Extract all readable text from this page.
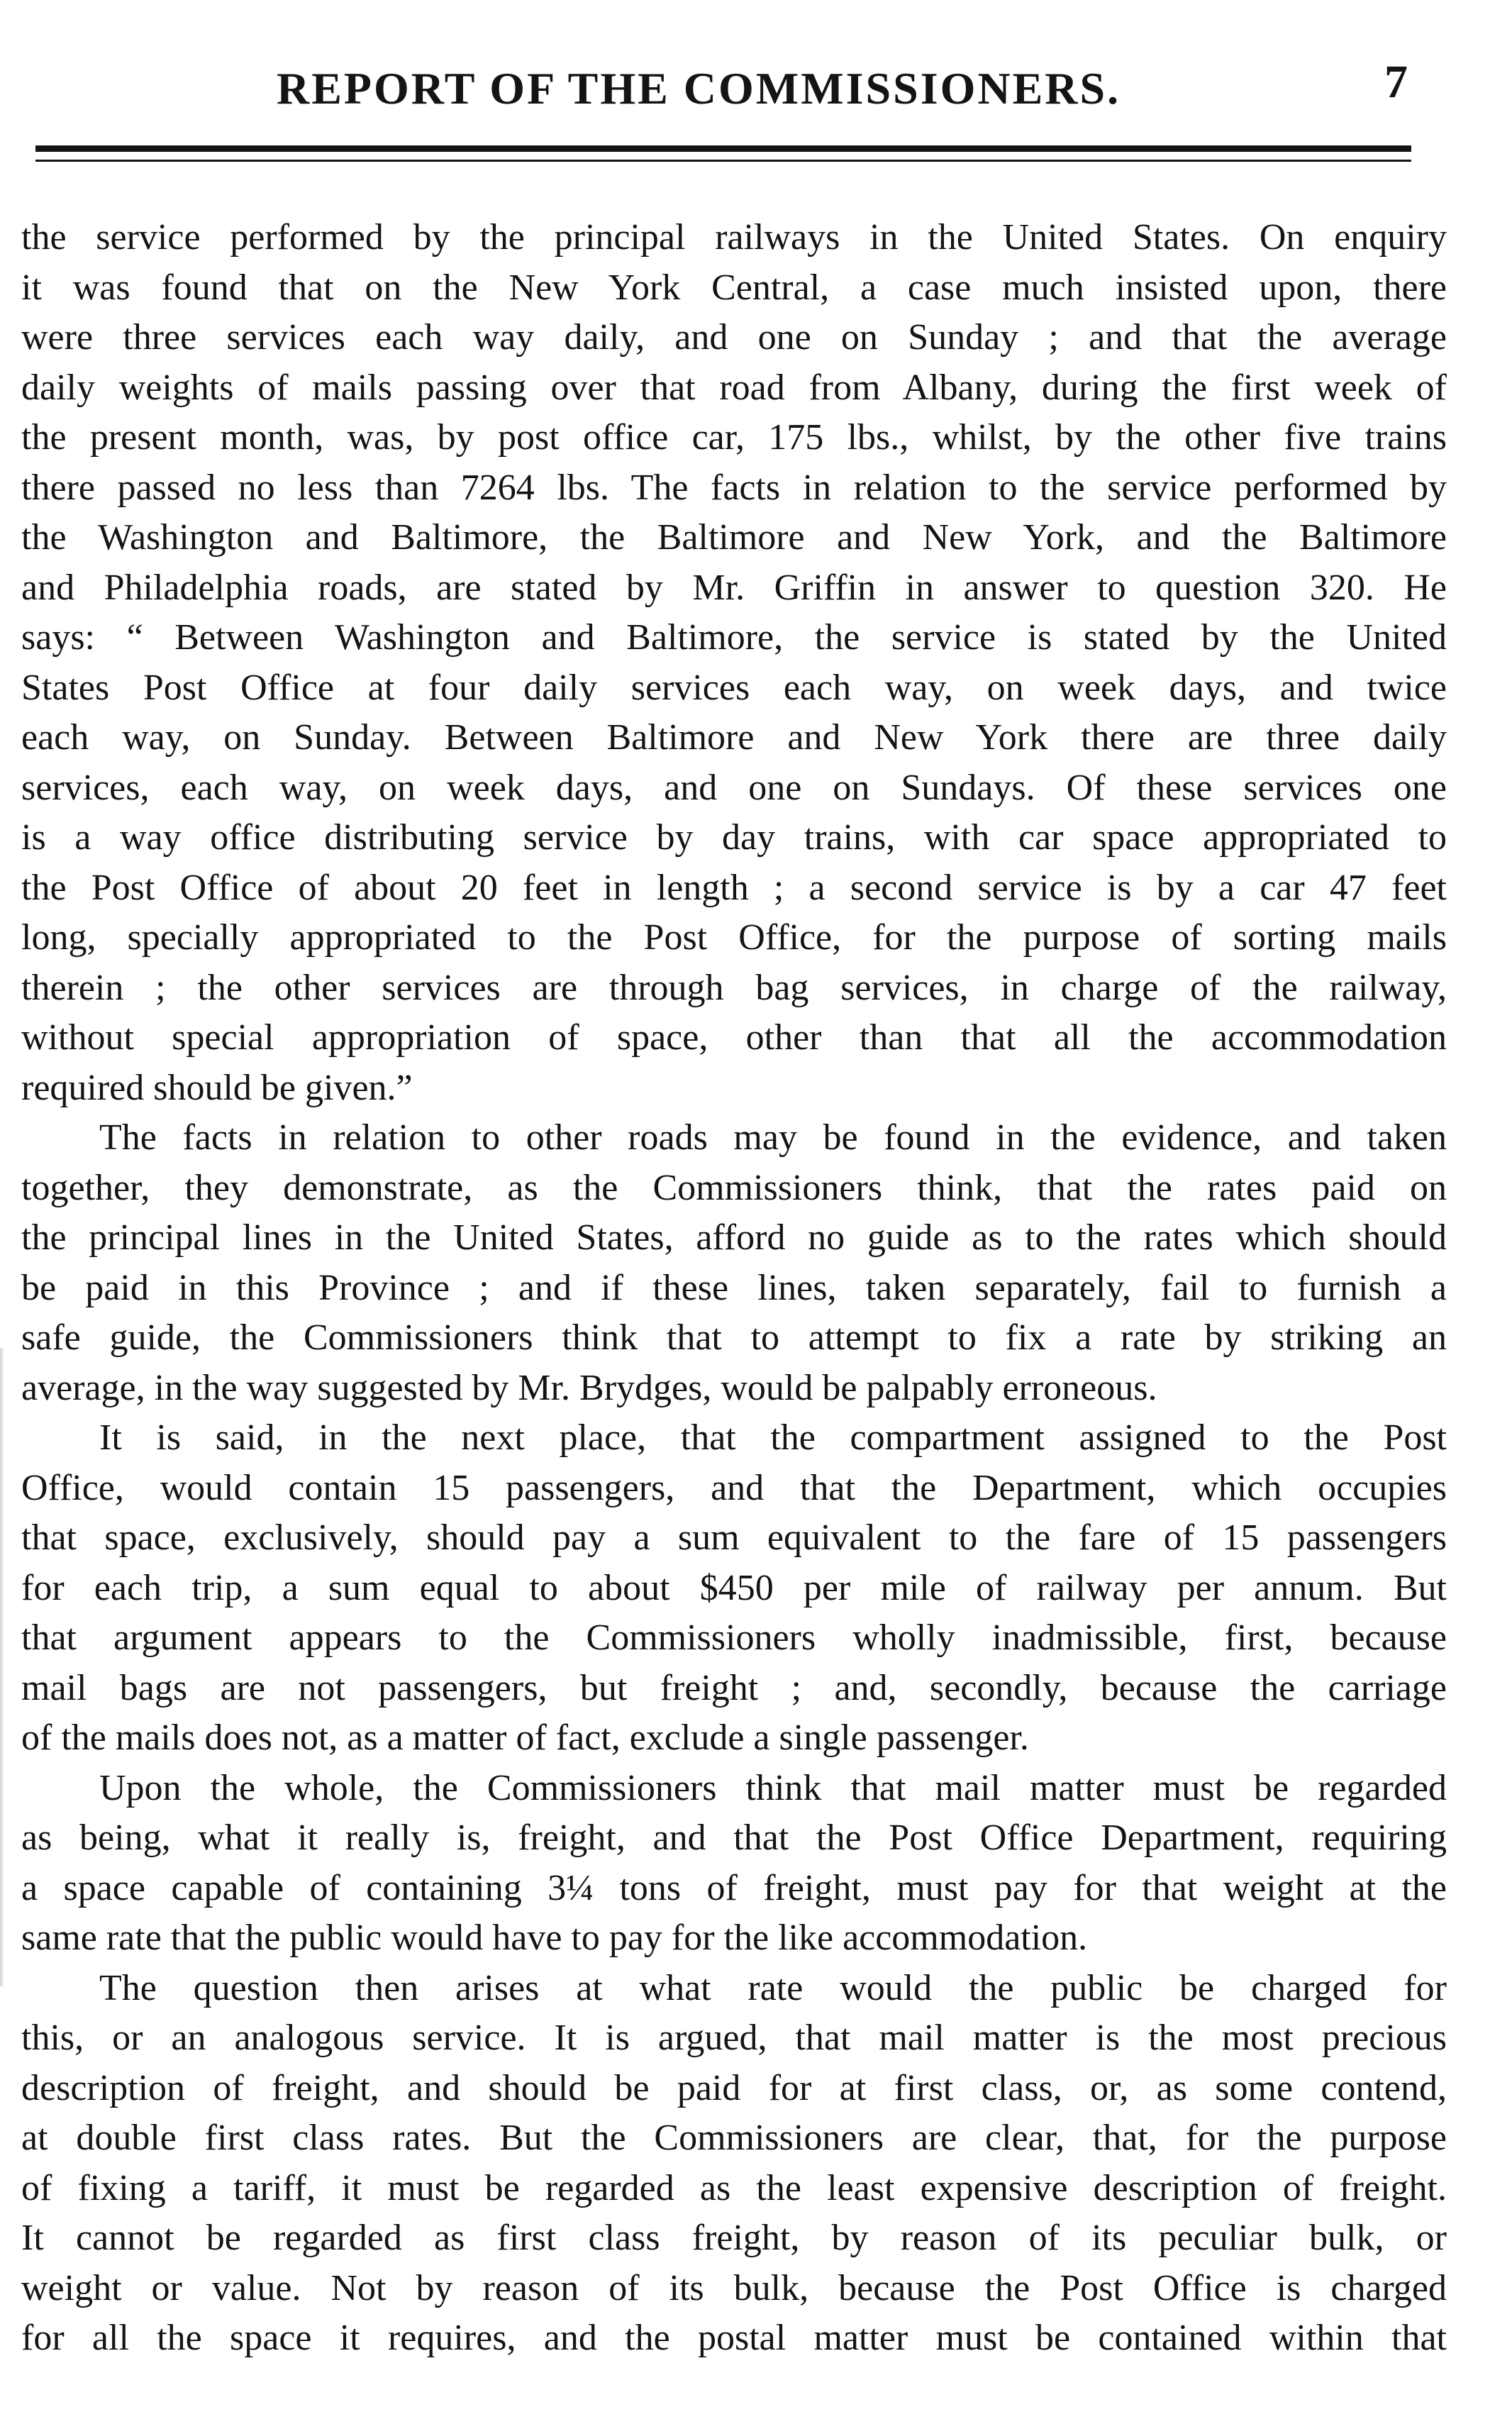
REPORT OF THE COMMISSIONERS.	7
the service performed by the principal railways in the United States. On enquiry
it was found that on the New York Central, a case much insisted upon, there
were three services each way daily, and one on Sunday ; and that the average
daily weights of mails passing over that road from Albany, during the first week of
the present month, was, by post office car, 175 lbs., whilst, by the other five trains
there passed no less than 7264 lbs. The facts in relation to the service performed by
the Washington and Baltimore, the Baltimore and New York, and the Baltimore
and Philadelphia roads, are stated by Mr. Griffin in answer to question 320. He
says: “ Between Washington and Baltimore, the service is stated by the United
States Post Office at four daily services each way, on week days, and twice
each way, on Sunday. Between Baltimore and New York there are three daily
services, each way, on week days, and one on Sundays. Of these services one
is a way office distributing service by day trains, with car space appropriated to
the Post Office of about 20 feet in length ; a second service is by a car 47 feet
long, specially appropriated to the Post Office, for the purpose of sorting mails
therein ; the other services are through bag services, in charge of the railway,
without special appropriation of space, other than that all the accommodation
required should be given.”
The facts in relation to other roads may be found in the evidence, and taken
together, they demonstrate, as the Commissioners think, that the rates paid on
the principal lines in the United States, afford no guide as to the rates which should
be paid in this Province ; and if these lines, taken separately, fail to furnish a
safe guide, the Commissioners think that to attempt to fix a rate by striking an
average, in the way suggested by Mr. Brydges, would be palpably erroneous.
It is said, in the next place, that the compartment assigned to the Post
Office, would contain 15 passengers, and that the Department, which occupies
that space, exclusively, should pay a sum equivalent to the fare of 15 passengers
for each trip, a sum equal to about $450 per mile of railway per annum. But
that argument appears to the Commissioners wholly inadmissible, first, because
mail bags are not passengers, but freight ; and, secondly, because the carriage
of the mails does not, as a matter of fact, exclude a single passenger.
Upon the whole, the Commissioners think that mail matter must be regarded
as being, what it really is, freight, and that the Post Office Department, requiring
a space capable of containing 3¼ tons of freight, must pay for that weight at the
same rate that the public would have to pay for the like accommodation.
The question then arises at what rate would the public be charged for
this, or an analogous service. It is argued, that mail matter is the most precious
description of freight, and should be paid for at first class, or, as some contend,
at double first class rates. But the Commissioners are clear, that, for the purpose
of fixing a tariff, it must be regarded as the least expensive description of freight.
It cannot be regarded as first class freight, by reason of its peculiar bulk, or
weight or value. Not by reason of its bulk, because the Post Office is charged
for all the space it requires, and the postal matter must be contained within that
